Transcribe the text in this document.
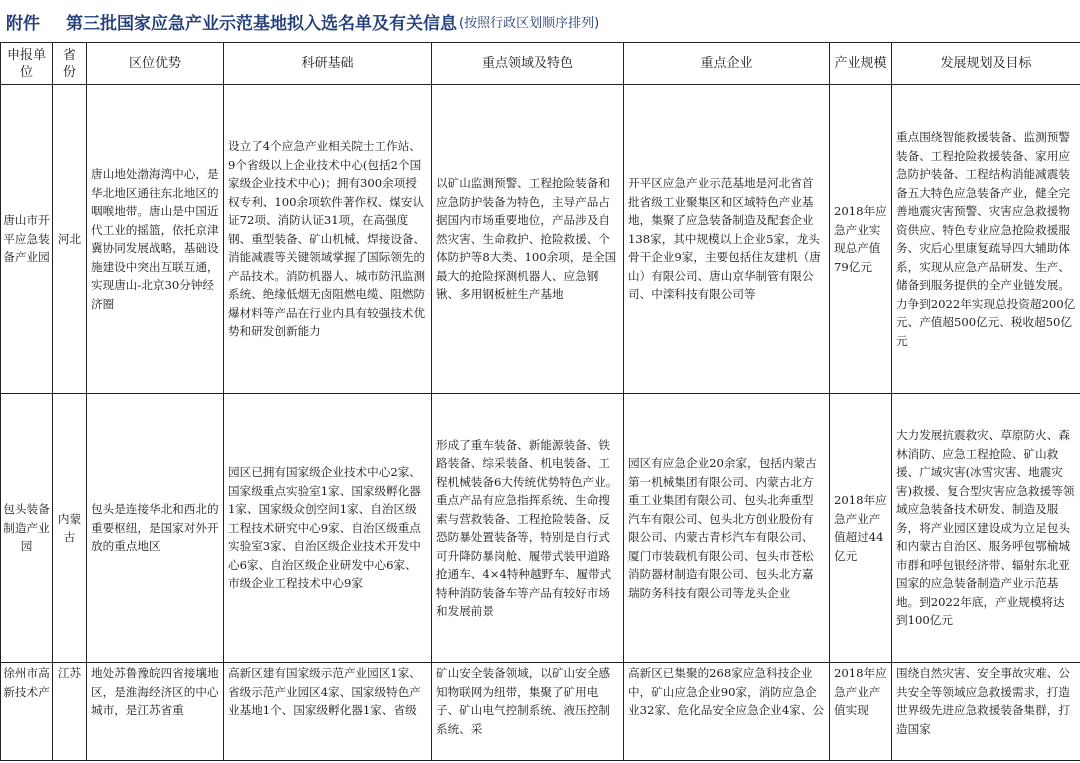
附件 第三批国家应急产业示范基地拟入选名单及有关信息 (按照行政区划顺序排列)
申报单位	省份	区位优势	科研基础	重点领域及特色	重点企业	产业规模	发展规划及目标
唐山市开平应急装备产业园	河北	唐山地处渤海湾中心，是华北地区通往东北地区的咽喉地带。唐山是中国近代工业的摇篮，依托京津冀协同发展战略，基础设施建设中突出互联互通，实现唐山-北京30分钟经济圈	设立了4个应急产业相关院士工作站、9个省级以上企业技术中心(包括2个国家级企业技术中心)；拥有300余项授权专利、100余项软件著作权、煤安认证72项、消防认证31项，在高强度钢、重型装备、矿山机械、焊接设备、消能减震等关键领域掌握了国际领先的产品技术。消防机器人、城市防汛监测系统、绝缘低烟无卤阻燃电缆、阻燃防爆材料等产品在行业内具有较强技术优势和研发创新能力	以矿山监测预警、工程抢险装备和应急防护装备为特色，主导产品占据国内市场重要地位，产品涉及自然灾害、生命救护、抢险救援、个体防护等8大类、100余项，是全国最大的抢险探测机器人、应急钢锹、多用钢板桩生产基地	开平区应急产业示范基地是河北省首批省级工业聚集区和区域特色产业基地，集聚了应急装备制造及配套企业138家，其中规模以上企业5家，龙头骨干企业9家，主要包括住友建机（唐山）有限公司、唐山京华制管有限公司、中滦科技有限公司等	2018年应急产业实现总产值79亿元	重点围绕智能救援装备、监测预警装备、工程抢险救援装备、家用应急防护装备、工程结构消能减震装备五大特色应急装备产业，健全完善地震灾害预警、灾害应急救援物资供应、特色专业应急抢险救援服务、灾后心里康复疏导四大辅助体系，实现从应急产品研发、生产、储备到服务提供的全产业链发展。力争到2022年实现总投资超200亿元、产值超500亿元、税收超50亿元
包头装备制造产业园	内蒙古	包头是连接华北和西北的重要枢纽，是国家对外开放的重点地区	园区已拥有国家级企业技术中心2家、国家级重点实验室1家、国家级孵化器1家、国家级众创空间1家、自治区级工程技术研究中心9家、自治区级重点实验室3家、自治区级企业技术开发中心6家、自治区级企业研发中心6家、市级企业工程技术中心9家	形成了重车装备、新能源装备、铁路装备、综采装备、机电装备、工程机械装备6大传统优势特色产业。重点产品有应急指挥系统、生命搜索与营救装备、工程抢险装备、反恐防暴处置装备等，特别是自行式可升降防暴岗舱、履带式装甲道路抢通车、4×4特种越野车、履带式特种消防装备车等产品有较好市场和发展前景	园区有应急企业20余家，包括内蒙古第一机械集团有限公司、内蒙古北方重工业集团有限公司、包头北奔重型汽车有限公司、包头北方创业股份有限公司、内蒙古青杉汽车有限公司、厦门市装载机有限公司、包头市苍松消防器材制造有限公司、包头北方嘉瑞防务科技有限公司等龙头企业	2018年应急产业产值超过44亿元	大力发展抗震救灾、草原防火、森林消防、应急工程抢险、矿山救援、广域灾害(冰雪灾害、地震灾害)救援、复合型灾害应急救援等领域应急装备技术研发、制造及服务，将产业园区建设成为立足包头和内蒙古自治区、服务呼包鄂榆城市群和呼包银经济带、辐射东北亚国家的应急装备制造产业示范基地。到2022年底，产业规模将达到100亿元
徐州市高新技术产	江苏	地处苏鲁豫皖四省接壤地区，是淮海经济区的中心城市，是江苏省重	高新区建有国家级示范产业园区1家、省级示范产业园区4家、国家级特色产业基地1个、国家级孵化器1家、省级	矿山安全装备领域，以矿山安全感知物联网为纽带，集聚了矿用电子、矿山电气控制系统、液压控制系统、采	高新区已集聚的268家应急科技企业中，矿山应急企业90家，消防应急企业32家、危化品安全应急企业4家、公	2018年应急产业产值实现	围绕自然灾害、安全事故灾难、公共安全等领域应急救援需求，打造世界级先进应急救援装备集群，打造国家
